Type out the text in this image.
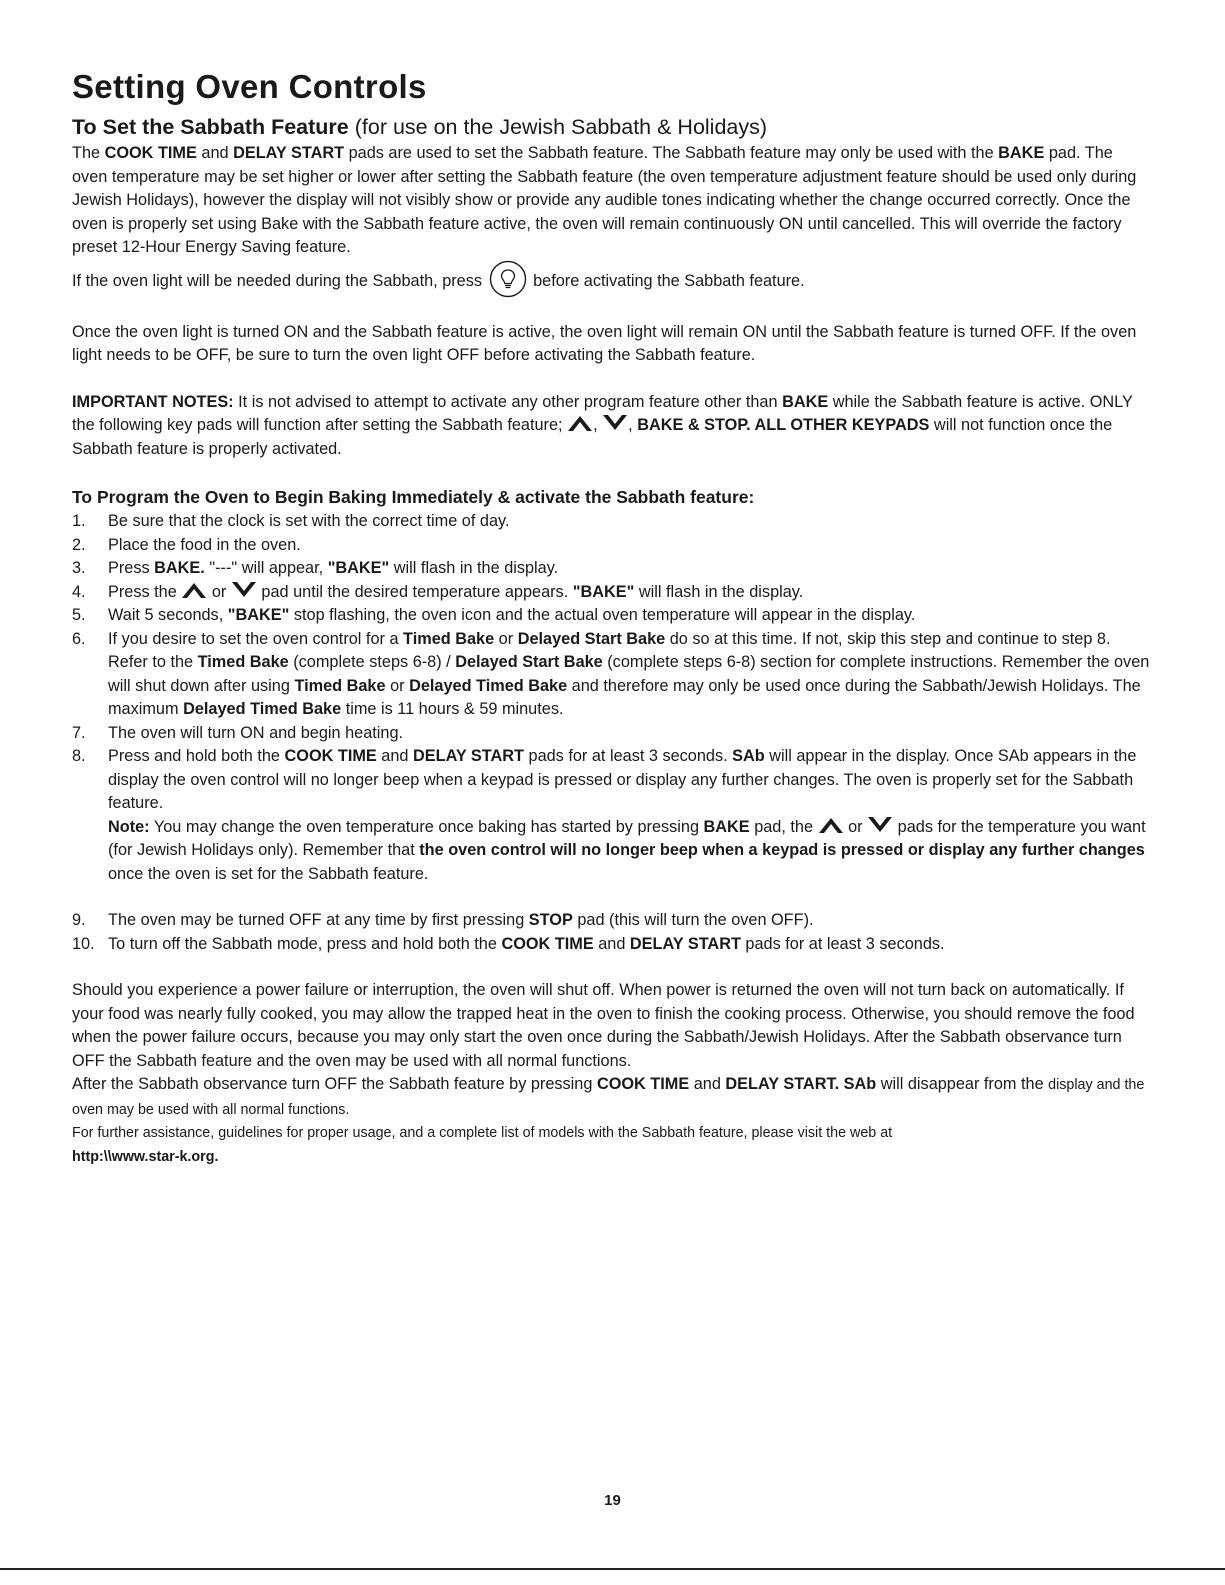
Setting Oven Controls
To Set the Sabbath Feature (for use on the Jewish Sabbath & Holidays)

The COOK TIME and DELAY START pads are used to set the Sabbath feature. The Sabbath feature may only be used with the BAKE pad. The oven temperature may be set higher or lower after setting the Sabbath feature (the oven temperature adjustment feature should be used only during Jewish Holidays), however the display will not visibly show or provide any audible tones indicating whether the change occurred correctly. Once the oven is properly set using Bake with the Sabbath feature active, the oven will remain continuously ON until cancelled. This will override the factory preset 12-Hour Energy Saving feature.

If the oven light will be needed during the Sabbath, press	before activating the Sabbath feature.

Once the oven light is turned ON and the Sabbath feature is active, the oven light will remain ON until the Sabbath feature is turned OFF. If the oven light needs to be OFF, be sure to turn the oven light OFF before activating the Sabbath feature.

IMPORTANT NOTES: It is not advised to attempt to activate any other program feature other than BAKE while the Sabbath feature is active. ONLY the following key pads will function after setting the Sabbath feature; , , BAKE & STOP. ALL OTHER KEYPADS will not function once the Sabbath feature is properly activated.

To Program the Oven to Begin Baking Immediately & activate the Sabbath feature:
1. Be sure that the clock is set with the correct time of day.
2. Place the food in the oven.
3. Press BAKE. "---" will appear, "BAKE" will flash in the display.
4. Press the or pad until the desired temperature appears. "BAKE" will flash in the display.
5. Wait 5 seconds, "BAKE" stop flashing, the oven icon and the actual oven temperature will appear in the display.
6. If you desire to set the oven control for a Timed Bake or Delayed Start Bake do so at this time. If not, skip this step and continue to step 8. Refer to the Timed Bake (complete steps 6-8) / Delayed Start Bake (complete steps 6-8) section for complete instructions. Remember the oven will shut down after using Timed Bake or Delayed Timed Bake and therefore may only be used once during the Sabbath/Jewish Holidays. The maximum Delayed Timed Bake time is 11 hours & 59 minutes.
7. The oven will turn ON and begin heating.
8. Press and hold both the COOK TIME and DELAY START pads for at least 3 seconds. SAb will appear in the display. Once SAb appears in the display the oven control will no longer beep when a keypad is pressed or display any further changes. The oven is properly set for the Sabbath feature.
Note: You may change the oven temperature once baking has started by pressing BAKE pad, the or pads for the temperature you want (for Jewish Holidays only). Remember that the oven control will no longer beep when a keypad is pressed or display any further changes once the oven is set for the Sabbath feature.
9. The oven may be turned OFF at any time by first pressing STOP pad (this will turn the oven OFF).
10. To turn off the Sabbath mode, press and hold both the COOK TIME and DELAY START pads for at least 3 seconds.

Should you experience a power failure or interruption, the oven will shut off. When power is returned the oven will not turn back on automatically. If your food was nearly fully cooked, you may allow the trapped heat in the oven to finish the cooking process. Otherwise, you should remove the food when the power failure occurs, because you may only start the oven once during the Sabbath/Jewish Holidays. After the Sabbath observance turn OFF the Sabbath feature and the oven may be used with all normal functions.

After the Sabbath observance turn OFF the Sabbath feature by pressing COOK TIME and DELAY START. SAb will disappear from the display and the oven may be used with all normal functions.

For further assistance, guidelines for proper usage, and a complete list of models with the Sabbath feature, please visit the web at

http:\\www.star-k.org.

19
